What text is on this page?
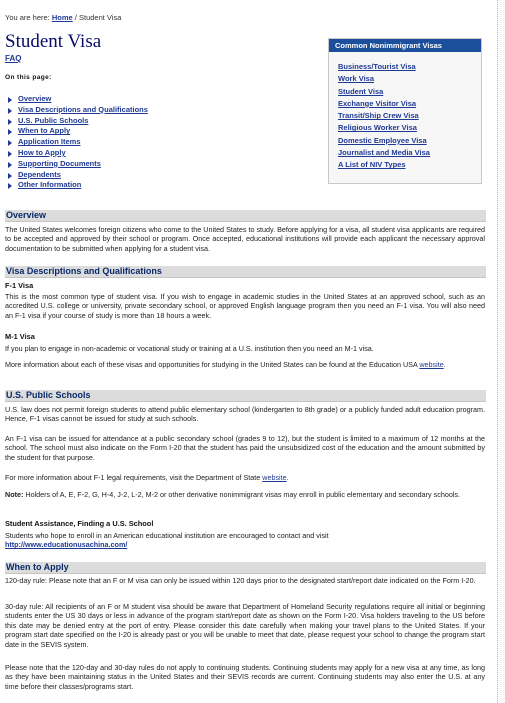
You are here: Home / Student Visa
Student Visa
FAQ
On this page:
Overview
Visa Descriptions and Qualifications
U.S. Public Schools
When to Apply
Application Items
How to Apply
Supporting Documents
Dependents
Other Information
Common Nonimmigrant Visas
Business/Tourist Visa
Work Visa
Student Visa
Exchange Visitor Visa
Transit/Ship Crew Visa
Religious Worker Visa
Domestic Employee Visa
Journalist and Media Visa
A List of NIV Types
Overview

The United States welcomes foreign citizens who come to the United States to study. Before applying for a visa, all student visa applicants are required to be accepted and approved by their school or program. Once accepted, educational institutions will provide each applicant the necessary approval documentation to be submitted when applying for a student visa.

Visa Descriptions and Qualifications
F-1 Visa

This is the most common type of student visa. If you wish to engage in academic studies in the United States at an approved school, such as an accredited U.S. college or university, private secondary school, or approved English language program then you need an F-1 visa. You will also need an F-1 visa if your course of study is more than 18 hours a week.

M-1 Visa

If you plan to engage in non-academic or vocational study or training at a U.S. institution then you need an M-1 visa.

More information about each of these visas and opportunities for studying in the United States can be found at the Education USA website.

U.S. Public Schools

U.S. law does not permit foreign students to attend public elementary school (kindergarten to 8th grade) or a publicly funded adult education program. Hence, F-1 visas cannot be issued for study at such schools.

An F-1 visa can be issued for attendance at a public secondary school (grades 9 to 12), but the student is limited to a maximum of 12 months at the school. The school must also indicate on the Form I-20 that the student has paid the unsubsidized cost of the education and the amount submitted by the student for that purpose.

For more information about F-1 legal requirements, visit the Department of State website.

Note: Holders of A, E, F-2, G, H-4, J-2, L-2, M-2 or other derivative nonimmigrant visas may enroll in public elementary and secondary schools.

Student Assistance, Finding a U.S. School

Students who hope to enroll in an American educational institution are encouraged to contact and visit
http://www.educationusachina.com/

When to Apply

120-day rule: Please note that an F or M visa can only be issued within 120 days prior to the designated start/report date indicated on the Form I-20.

30-day rule: All recipients of an F or M student visa should be aware that Department of Homeland Security regulations require all initial or beginning students enter the US 30 days or less in advance of the program start/report date as shown on the Form I-20. Visa holders traveling to the US before this date may be denied entry at the port of entry. Please consider this date carefully when making your travel plans to the United States. If your program start date specified on the I-20 is already past or you will be unable to meet that date, please request your school to change the program start date in the SEVIS system.

Please note that the 120-day and 30-day rules do not apply to continuing students. Continuing students may apply for a new visa at any time, as long as they have been maintaining status in the United States and their SEVIS records are current. Continuing students may also enter the U.S. at any time before their classes/programs start.
